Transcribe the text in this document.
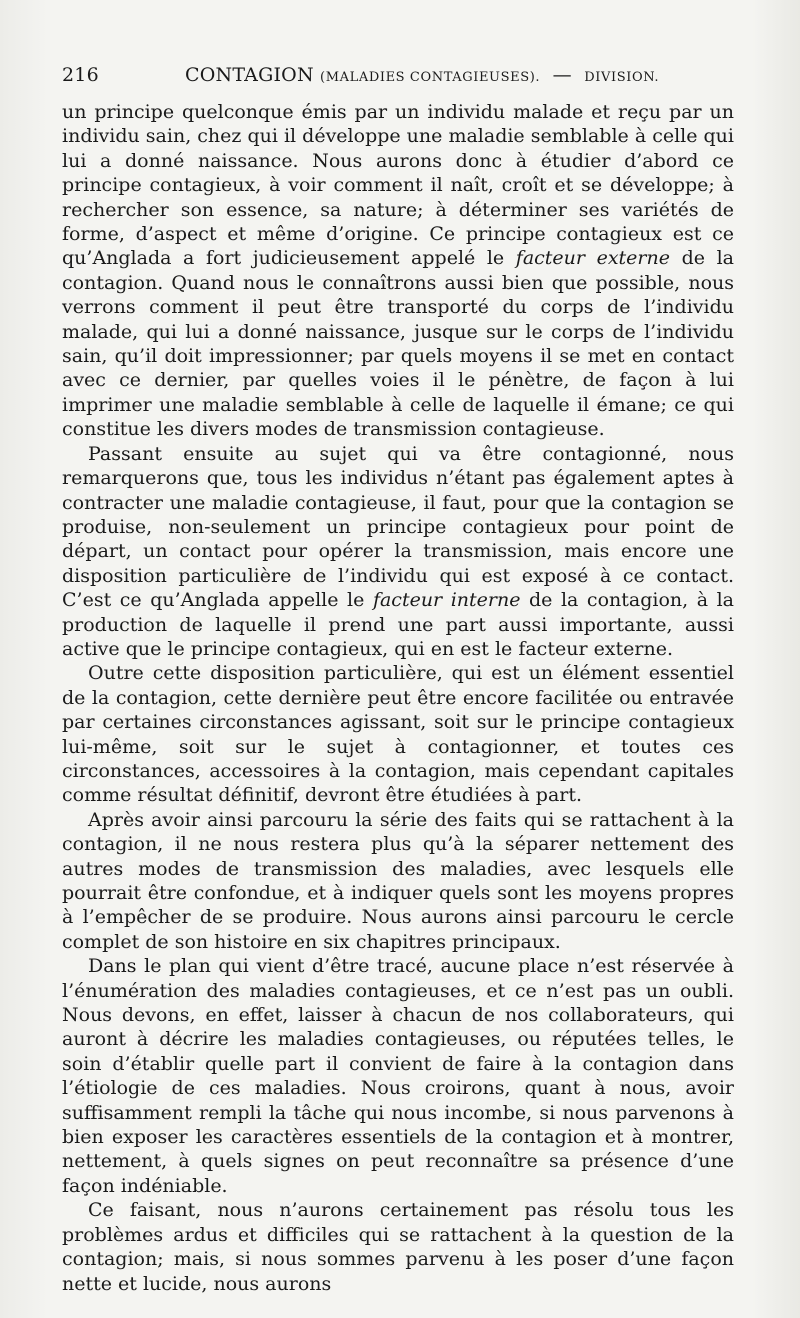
216	CONTAGION (MALADIES CONTAGIEUSES). — DIVISION.

un principe quelconque émis par un individu malade et reçu par un individu sain, chez qui il développe une maladie semblable à celle qui lui a donné naissance. Nous aurons donc à étudier d’abord ce principe contagieux, à voir comment il naît, croît et se développe; à rechercher son essence, sa nature; à déterminer ses variétés de forme, d’aspect et même d’origine. Ce principe contagieux est ce qu’Anglada a fort judicieusement appelé le facteur externe de la contagion. Quand nous le connaîtrons aussi bien que possible, nous verrons comment il peut être transporté du corps de l’individu malade, qui lui a donné naissance, jusque sur le corps de l’individu sain, qu’il doit impressionner; par quels moyens il se met en contact avec ce dernier, par quelles voies il le pénètre, de façon à lui imprimer une maladie semblable à celle de laquelle il émane; ce qui constitue les divers modes de transmission contagieuse.

Passant ensuite au sujet qui va être contagionné, nous remarquerons que, tous les individus n’étant pas également aptes à contracter une maladie contagieuse, il faut, pour que la contagion se produise, non-seulement un principe contagieux pour point de départ, un contact pour opérer la transmission, mais encore une disposition particulière de l’individu qui est exposé à ce contact. C’est ce qu’Anglada appelle le facteur interne de la contagion, à la production de laquelle il prend une part aussi importante, aussi active que le principe contagieux, qui en est le facteur externe.

Outre cette disposition particulière, qui est un élément essentiel de la contagion, cette dernière peut être encore facilitée ou entravée par certaines circonstances agissant, soit sur le principe contagieux lui-même, soit sur le sujet à contagionner, et toutes ces circonstances, accessoires à la contagion, mais cependant capitales comme résultat définitif, devront être étudiées à part.

Après avoir ainsi parcouru la série des faits qui se rattachent à la contagion, il ne nous restera plus qu’à la séparer nettement des autres modes de transmission des maladies, avec lesquels elle pourrait être confondue, et à indiquer quels sont les moyens propres à l’empêcher de se produire. Nous aurons ainsi parcouru le cercle complet de son histoire en six chapitres principaux.

Dans le plan qui vient d’être tracé, aucune place n’est réservée à l’énumération des maladies contagieuses, et ce n’est pas un oubli. Nous devons, en effet, laisser à chacun de nos collaborateurs, qui auront à décrire les maladies contagieuses, ou réputées telles, le soin d’établir quelle part il convient de faire à la contagion dans l’étiologie de ces maladies. Nous croirons, quant à nous, avoir suffisamment rempli la tâche qui nous incombe, si nous parvenons à bien exposer les caractères essentiels de la contagion et à montrer, nettement, à quels signes on peut reconnaître sa présence d’une façon indéniable.

Ce faisant, nous n’aurons certainement pas résolu tous les problèmes ardus et difficiles qui se rattachent à la question de la contagion; mais, si nous sommes parvenu à les poser d’une façon nette et lucide, nous aurons
